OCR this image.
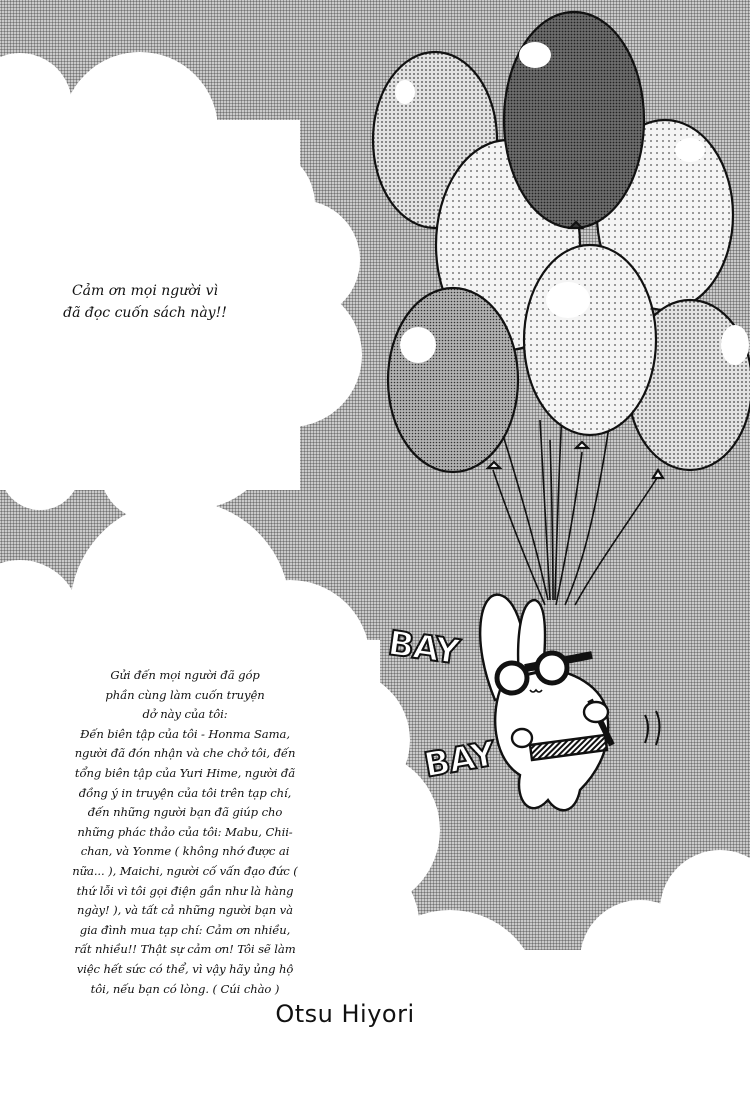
Cảm ơn mọi người vì
đã đọc cuốn sách này!!
Gửi đến mọi người đã góp
phần cùng làm cuốn truyện
dở này của tôi:
Đến biên tập của tôi - Honma Sama,
người đã đón nhận và che chở tôi, đến
tổng biên tập của Yuri Hime, người đã
đồng ý in truyện của tôi trên tạp chí,
đến những người bạn đã giúp cho
những phác thảo của tôi: Mabu, Chii-
chan, và Yonme ( không nhớ được ai
nữa... ), Maichi, người cố vấn đạo đức (
thứ lỗi vì tôi gọi điện gần như là hàng
ngày! ), và tất cả những người bạn và
gia đình mua tạp chí: Cảm ơn nhiều,
rất nhiều!! Thật sự cảm ơn! Tôi sẽ làm
việc hết sức có thể, vì vậy hãy ủng hộ
tôi, nếu bạn có lòng. ( Cúi chào )
Otsu Hiyori
BAY
BAY
